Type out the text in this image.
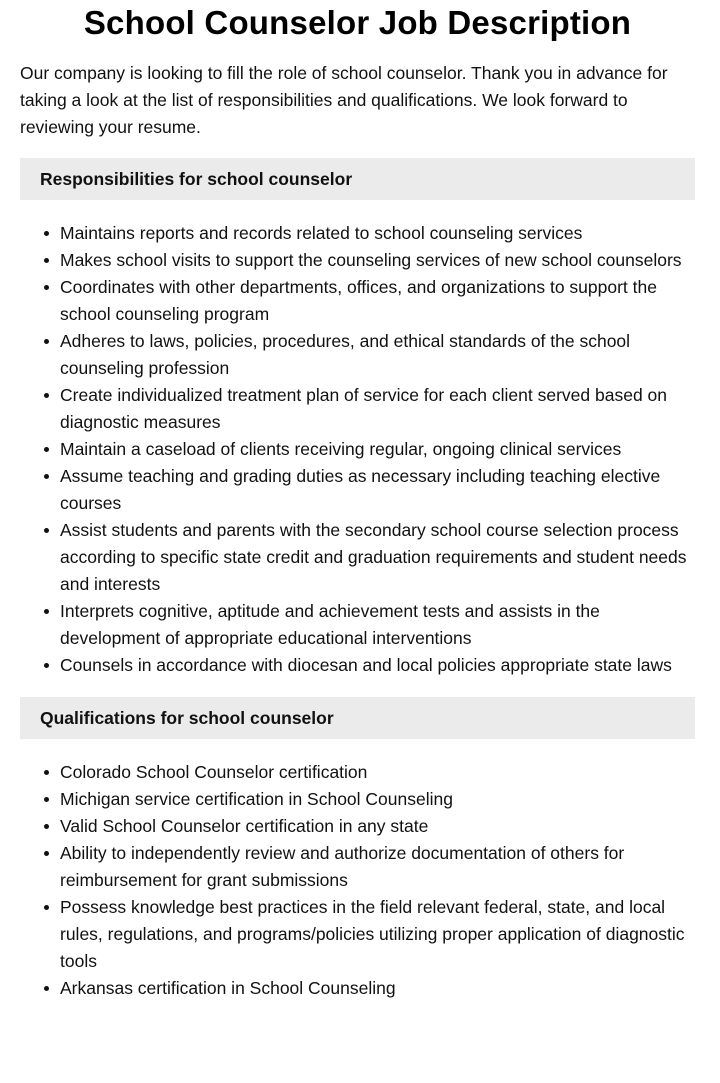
School Counselor Job Description

Our company is looking to fill the role of school counselor. Thank you in advance for taking a look at the list of responsibilities and qualifications. We look forward to reviewing your resume.

Responsibilities for school counselor
Maintains reports and records related to school counseling services
Makes school visits to support the counseling services of new school counselors
Coordinates with other departments, offices, and organizations to support the school counseling program
Adheres to laws, policies, procedures, and ethical standards of the school counseling profession
Create individualized treatment plan of service for each client served based on diagnostic measures
Maintain a caseload of clients receiving regular, ongoing clinical services
Assume teaching and grading duties as necessary including teaching elective courses
Assist students and parents with the secondary school course selection process according to specific state credit and graduation requirements and student needs and interests
Interprets cognitive, aptitude and achievement tests and assists in the development of appropriate educational interventions
Counsels in accordance with diocesan and local policies appropriate state laws
Qualifications for school counselor
Colorado School Counselor certification
Michigan service certification in School Counseling
Valid School Counselor certification in any state
Ability to independently review and authorize documentation of others for reimbursement for grant submissions
Possess knowledge best practices in the field relevant federal, state, and local rules, regulations, and programs/policies utilizing proper application of diagnostic tools
Arkansas certification in School Counseling
